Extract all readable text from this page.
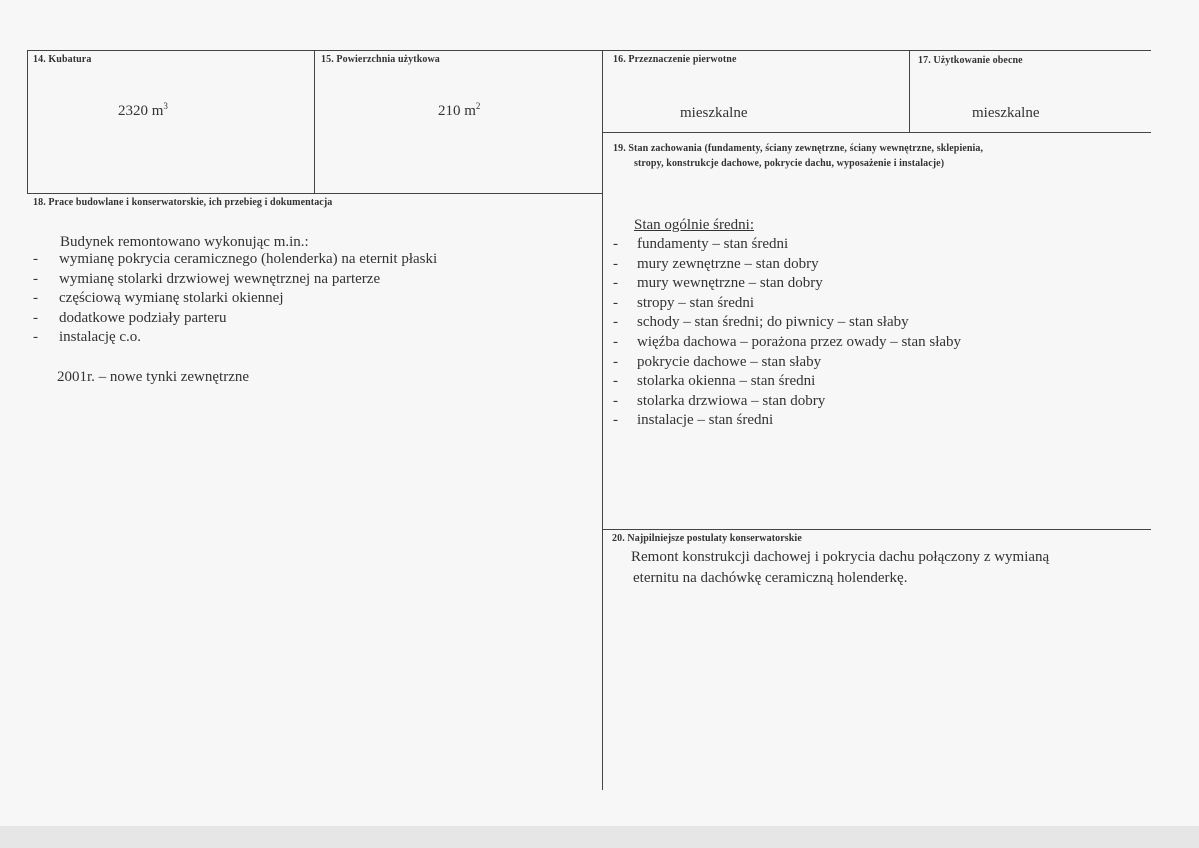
14. Kubatura
2320 $m^3$
15. Powierzchnia użytkowa
210 $m^2$
16. Przeznaczenie pierwotne
mieszkalne
17. Użytkowanie obecne
mieszkalne
19. Stan zachowania (fundamenty, ściany zewnętrzne, ściany wewnętrzne, sklepienia,
stropy, konstrukcje dachowe, pokrycie dachu, wyposażenie i instalacje)
Stan ogólnie średni:
- fundamenty – stan średni
- mury zewnętrzne – stan dobry
- mury wewnętrzne – stan dobry
- stropy – stan średni
- schody – stan średni; do piwnicy – stan słaby
- więźba dachowa – porażona przez owady – stan słaby
- pokrycie dachowe – stan słaby
- stolarka okienna – stan średni
- stolarka drzwiowa – stan dobry
- instalacje – stan średni
18. Prace budowlane i konserwatorskie, ich przebieg i dokumentacja
Budynek remontowano wykonując m.in.:
- wymianę pokrycia ceramicznego (holenderka) na eternit płaski
- wymianę stolarki drzwiowej wewnętrznej na parterze
- częściową wymianę stolarki okiennej
- dodatkowe podziały parteru
- instalację c.o.
2001r. – nowe tynki zewnętrzne
20. Najpilniejsze postulaty konserwatorskie
Remont konstrukcji dachowej i pokrycia dachu połączony z wymianą
eternitu na dachówkę ceramiczną holenderkę.
